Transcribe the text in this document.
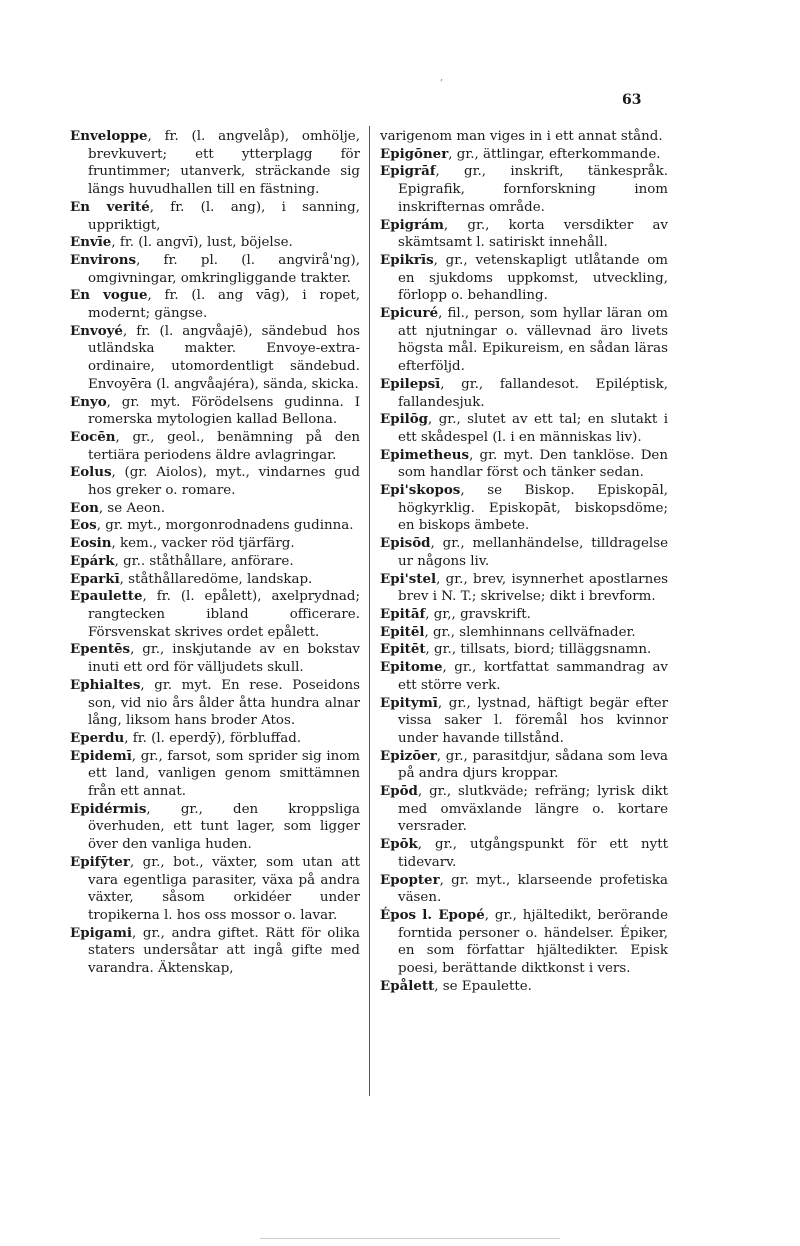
63
,

Enveloppe, fr. (l. angvelåp), omhölje, brevkuvert; ett ytterplagg för fruntimmer; utanverk, sträckande sig längs huvudhallen till en fästning.

En verité, fr. (l. ang), i sanning, uppriktigt,

Envīe, fr. (l. angvī), lust, böjelse.

Environs, fr. pl. (l. angvirå'ng), omgivningar, omkringliggande trakter.

En vogue, fr. (l. ang vāg), i ropet, modernt; gängse.

Envoyé, fr. (l. angvåajē), sändebud hos utländska makter. Envoye-extra-ordinaire, utomordentligt sändebud. Envoyēra (l. angvåajéra), sända, skicka.

Enyo, gr. myt. Förödelsens gudinna. I romerska mytologien kallad Bellona.

Eocēn, gr., geol., benämning på den tertiära periodens äldre avlagringar.

Eolus, (gr. Aiolos), myt., vindarnes gud hos greker o. romare.

Eon, se Aeon.

Eos, gr. myt., morgonrodnadens gudinna.

Eosin, kem., vacker röd tjärfärg.

Epárk, gr.. ståthållare, anförare.

Eparkī, ståthållaredöme, landskap.

Epaulette, fr. (l. epålett), axelprydnad; rangtecken ibland officerare. Försvenskat skrives ordet epålett.

Epentēs, gr., inskjutande av en bokstav inuti ett ord för välljudets skull.

Ephialtes, gr. myt. En rese. Poseidons son, vid nio års ålder åtta hundra alnar lång, liksom hans broder Atos.

Eperdu, fr. (l. eperdȳ), förbluffad.

Epidemī, gr., farsot, som sprider sig inom ett land, vanligen genom smittämnen från ett annat.

Epidérmis, gr., den kroppsliga överhuden, ett tunt lager, som ligger över den vanliga huden.

Epifȳter, gr., bot., växter, som utan att vara egentliga parasiter, växa på andra växter, såsom orkidéer under tropikerna l. hos oss mossor o. lavar.

Epigami, gr., andra giftet. Rätt för olika staters undersåtar att ingå gifte med varandra. Äktenskap,

varigenom man viges in i ett annat stånd.

Epigōner, gr., ättlingar, efterkommande.

Epigrāf, gr., inskrift, tänkespråk. Epigrafik, fornforskning inom inskrifternas område.

Epigrám, gr., korta versdikter av skämtsamt l. satiriskt innehåll.

Epikrīs, gr., vetenskapligt utlåtande om en sjukdoms uppkomst, utveckling, förlopp o. behandling.

Epicuré, fil., person, som hyllar läran om att njutningar o. vällevnad äro livets högsta mål. Epikureism, en sådan läras efterföljd.

Epilepsī, gr., fallandesot. Epiléptisk, fallandesjuk.

Epilōg, gr., slutet av ett tal; en slutakt i ett skådespel (l. i en människas liv).

Epimetheus, gr. myt. Den tanklöse. Den som handlar först och tänker sedan.

Epi'skopos, se Biskop. Episkopāl, högkyrklig. Episkopāt, biskopsdöme; en biskops ämbete.

Episōd, gr., mellanhändelse, tilldragelse ur någons liv.

Epi'stel, gr., brev, isynnerhet apostlarnes brev i N. T.; skrivelse; dikt i brevform.

Epitāf, gr,, gravskrift.

Epitēl, gr., slemhinnans cellväfnader.

Epitēt, gr., tillsats, biord; tilläggsnamn.

Epitome, gr., kortfattat sammandrag av ett större verk.

Epitymī, gr., lystnad, häftigt begär efter vissa saker l. föremål hos kvinnor under havande tillstånd.

Epizōer, gr., parasitdjur, sådana som leva på andra djurs kroppar.

Epōd, gr., slutkväde; refräng; lyrisk dikt med omväxlande längre o. kortare versrader.

Epōk, gr., utgångspunkt för ett nytt tidevarv.

Epopter, gr. myt., klarseende profetiska väsen.

Épos l. Epopé, gr., hjältedikt, berörande forntida personer o. händelser. Épiker, en som författar hjältedikter. Episk poesi, berättande diktkonst i vers.

Epålett, se Epaulette.
